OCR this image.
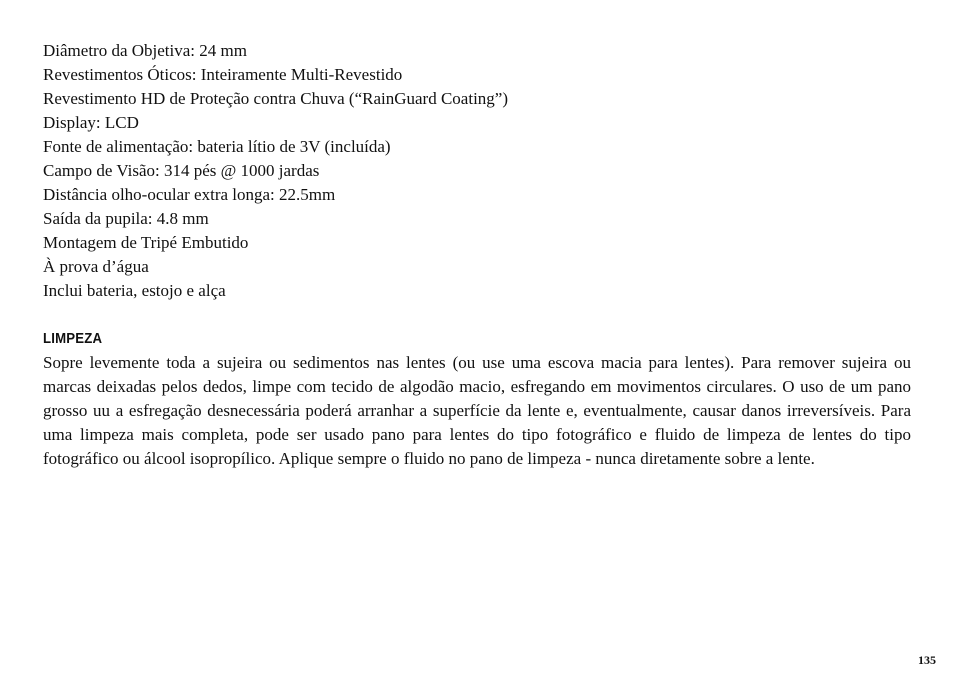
Diâmetro da Objetiva: 24 mm
Revestimentos Óticos: Inteiramente Multi-Revestido
Revestimento HD de Proteção contra Chuva (“RainGuard Coating”)
Display: LCD
Fonte de alimentação: bateria lítio de 3V (incluída)
Campo de Visão: 314 pés @ 1000 jardas
Distância olho-ocular extra longa: 22.5mm
Saída da pupila: 4.8 mm
Montagem de Tripé Embutido
À prova d’água
Inclui bateria, estojo e alça
LIMPEZA

Sopre levemente toda a sujeira ou sedimentos nas lentes (ou use uma escova macia para lentes). Para remover sujeira ou marcas deixadas pelos dedos, limpe com tecido de algodão macio, esfregando em movimentos circulares. O uso de um pano grosso uu a esfregação desnecessária poderá arranhar a superfície da lente e, eventualmente, causar danos irreversíveis. Para uma limpeza mais completa, pode ser usado pano para lentes do tipo fotográfico e fluido de limpeza de lentes do tipo fotográfico ou álcool isopropílico. Aplique sempre o fluido no pano de limpeza - nunca diretamente sobre a lente.

135
